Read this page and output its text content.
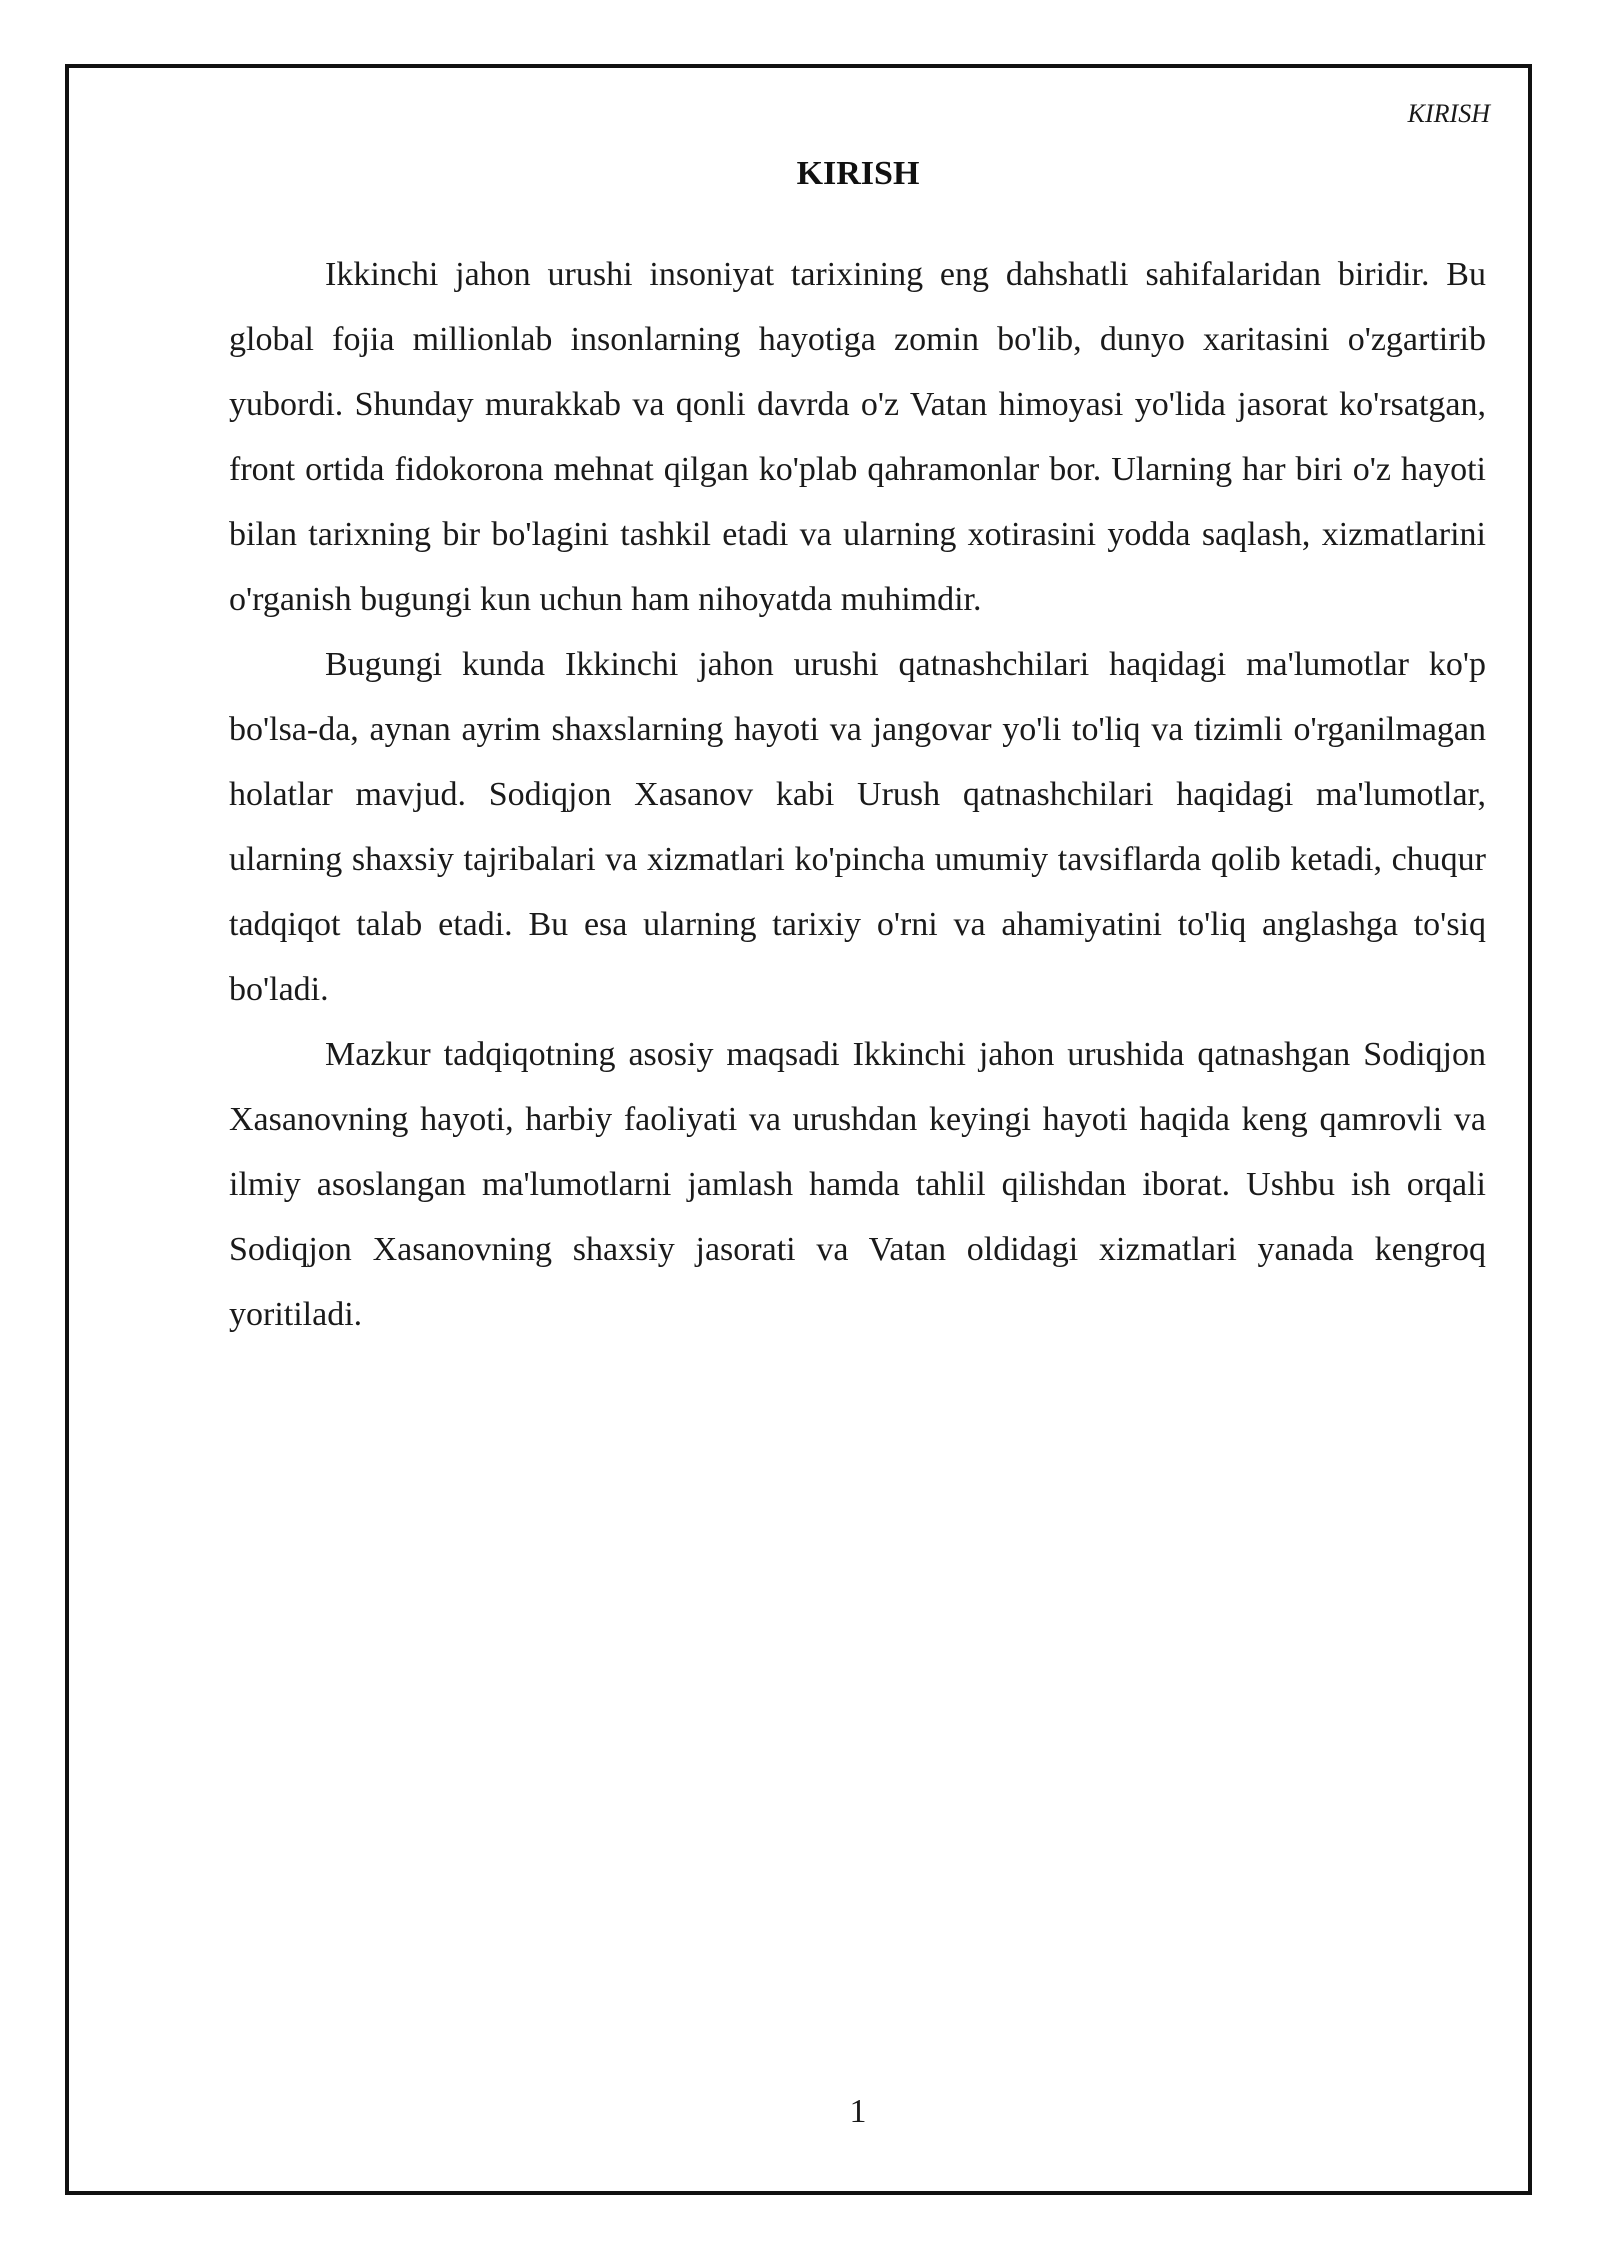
KIRISH
KIRISH

Ikkinchi jahon urushi insoniyat tarixining eng dahshatli sahifalaridan biridir. Bu global fojia millionlab insonlarning hayotiga zomin bo'lib, dunyo xaritasini o'zgartirib yubordi. Shunday murakkab va qonli davrda o'z Vatan himoyasi yo'lida jasorat ko'rsatgan, front ortida fidokorona mehnat qilgan ko'plab qahramonlar bor. Ularning har biri o'z hayoti bilan tarixning bir bo'lagini tashkil etadi va ularning xotirasini yodda saqlash, xizmatlarini o'rganish bugungi kun uchun ham nihoyatda muhimdir.

Bugungi kunda Ikkinchi jahon urushi qatnashchilari haqidagi ma'lumotlar ko'p bo'lsa-da, aynan ayrim shaxslarning hayoti va jangovar yo'li to'liq va tizimli o'rganilmagan holatlar mavjud. Sodiqjon Xasanov kabi Urush qatnashchilari haqidagi ma'lumotlar, ularning shaxsiy tajribalari va xizmatlari ko'pincha umumiy tavsiflarda qolib ketadi, chuqur tadqiqot talab etadi. Bu esa ularning tarixiy o'rni va ahamiyatini to'liq anglashga to'siq bo'ladi.

Mazkur tadqiqotning asosiy maqsadi Ikkinchi jahon urushida qatnashgan Sodiqjon Xasanovning hayoti, harbiy faoliyati va urushdan keyingi hayoti haqida keng qamrovli va ilmiy asoslangan ma'lumotlarni jamlash hamda tahlil qilishdan iborat. Ushbu ish orqali Sodiqjon Xasanovning shaxsiy jasorati va Vatan oldidagi xizmatlari yanada kengroq yoritiladi.

1
